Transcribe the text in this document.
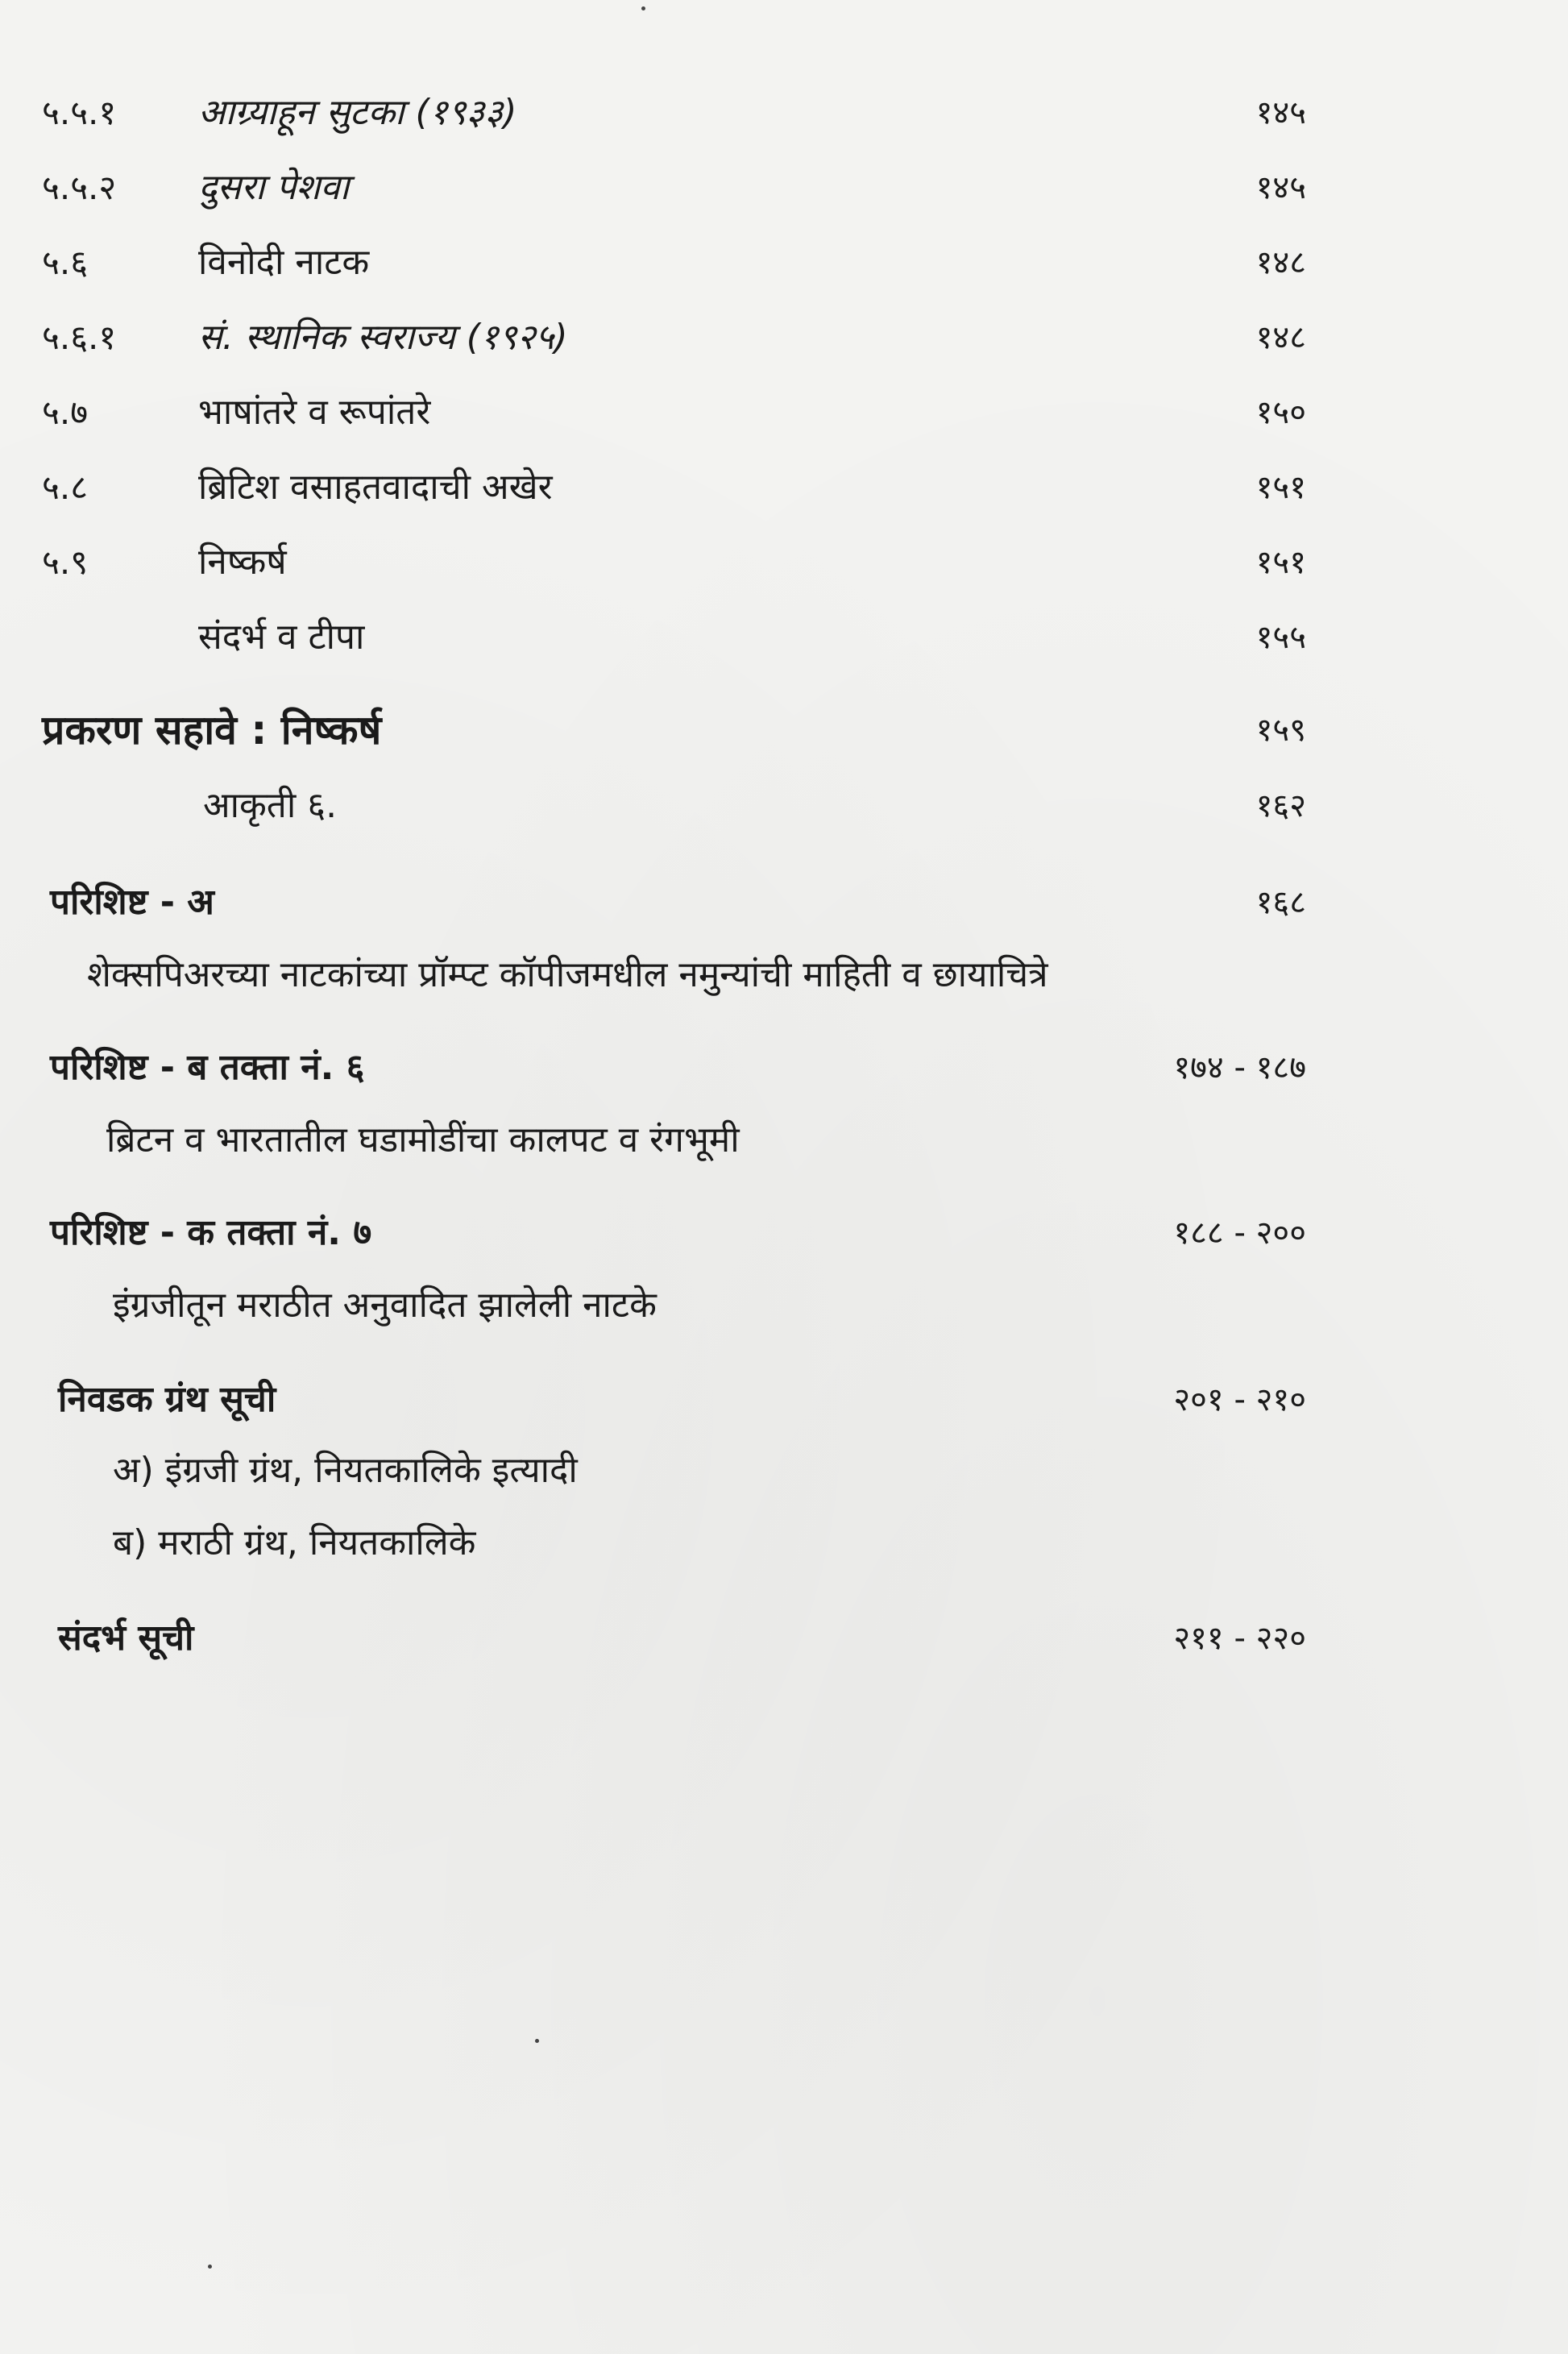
५.५.१ आग्र्याहून सुटका (१९३३)	१४५
५.५.२ दुसरा पेशवा	१४५
५.६	विनोदी नाटक	१४८
५.६.१ सं. स्थानिक स्वराज्य (१९२५)	१४८
५.७	भाषांतरे व रूपांतरे	१५०
५.८	ब्रिटिश वसाहतवादाची अखेर	१५१
५.९	निष्कर्ष	१५१
संदर्भ व टीपा	१५५
प्रकरण सहावे : निष्कर्ष	१५९
आकृती ६.	१६२
परिशिष्ट - अ	१६८
शेक्सपिअरच्या नाटकांच्या प्रॉम्प्ट कॉपीजमधील नमुन्यांची माहिती व छायाचित्रे
परिशिष्ट - ब तक्ता नं. ६	१७४ - १८७
ब्रिटन व भारतातील घडामोडींचा कालपट व रंगभूमी
परिशिष्ट - क तक्ता नं. ७	१८८ - २००
इंग्रजीतून मराठीत अनुवादित झालेली नाटके
निवडक ग्रंथ सूची	२०१ - २१०
अ) इंग्रजी ग्रंथ, नियतकालिके इत्यादी
ब) मराठी ग्रंथ, नियतकालिके
संदर्भ सूची	२११ - २२०
